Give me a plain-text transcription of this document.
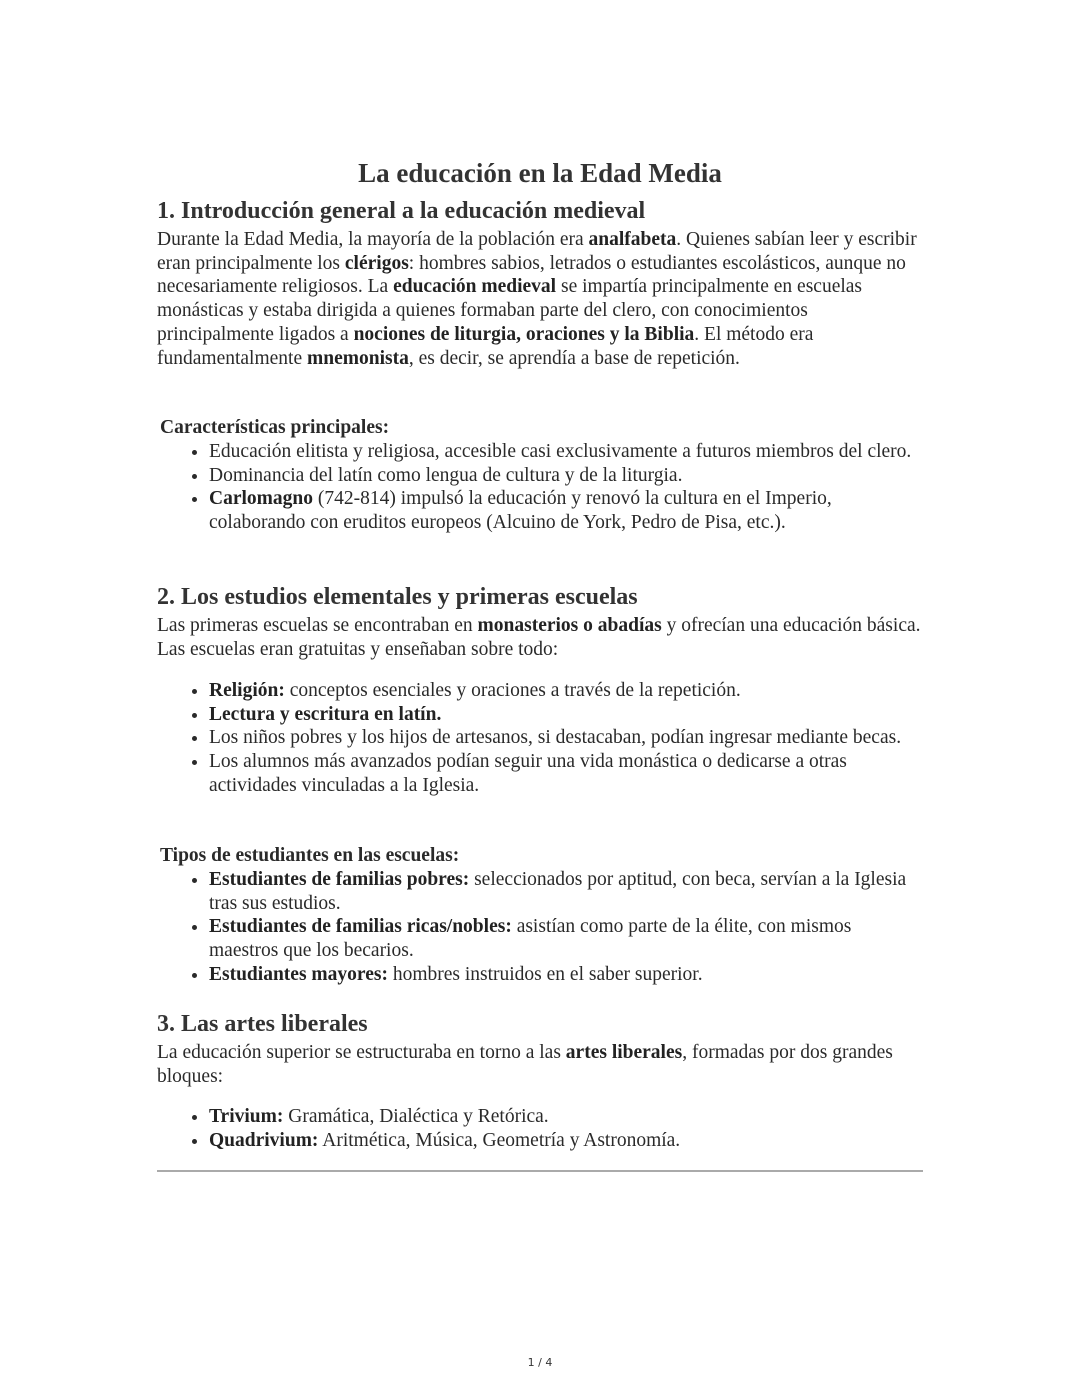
La educación en la Edad Media
1. Introducción general a la educación medieval
Durante la Edad Media, la mayoría de la población era analfabeta. Quienes sabían leer y escribir eran principalmente los clérigos: hombres sabios, letrados o estudiantes escolásticos, aunque no necesariamente religiosos. La educación medieval se impartía principalmente en escuelas monásticas y estaba dirigida a quienes formaban parte del clero, con conocimientos principalmente ligados a nociones de liturgia, oraciones y la Biblia. El método era fundamentalmente mnemonista, es decir, se aprendía a base de repetición.
Características principales:
• Educación elitista y religiosa, accesible casi exclusivamente a futuros miembros del clero.
• Dominancia del latín como lengua de cultura y de la liturgia.
• Carlomagno (742-814) impulsó la educación y renovó la cultura en el Imperio, colaborando con eruditos europeos (Alcuino de York, Pedro de Pisa, etc.).
2. Los estudios elementales y primeras escuelas
Las primeras escuelas se encontraban en monasterios o abadías y ofrecían una educación básica. Las escuelas eran gratuitas y enseñaban sobre todo:
• Religión: conceptos esenciales y oraciones a través de la repetición.
• Lectura y escritura en latín.
• Los niños pobres y los hijos de artesanos, si destacaban, podían ingresar mediante becas.
• Los alumnos más avanzados podían seguir una vida monástica o dedicarse a otras actividades vinculadas a la Iglesia.
Tipos de estudiantes en las escuelas:
• Estudiantes de familias pobres: seleccionados por aptitud, con beca, servían a la Iglesia tras sus estudios.
• Estudiantes de familias ricas/nobles: asistían como parte de la élite, con mismos maestros que los becarios.
• Estudiantes mayores: hombres instruidos en el saber superior.
3. Las artes liberales
La educación superior se estructuraba en torno a las artes liberales, formadas por dos grandes bloques:
• Trivium: Gramática, Dialéctica y Retórica.
• Quadrivium: Aritmética, Música, Geometría y Astronomía.
1 / 4
